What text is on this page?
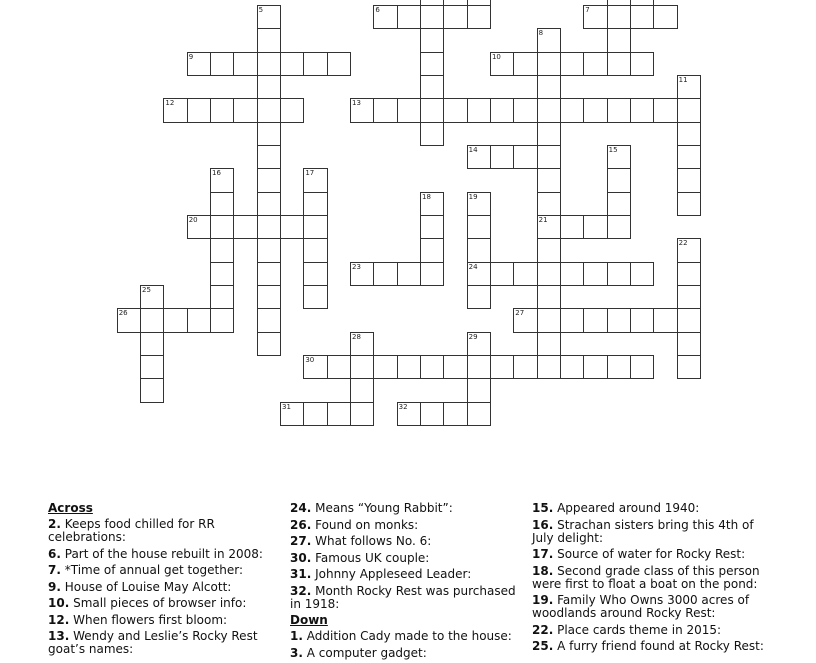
5	6	7
8
21
9	10
11
12	13
14	15
16	17
18	19
24
20
22
23
25
26	27
28	29
30
31	32
Across
2. Keeps food chilled for RR celebrations:
6. Part of the house rebuilt in 2008:
7. *Time of annual get together:
9. House of Louise May Alcott:
10. Small pieces of browser info:
12. When flowers first bloom:
13. Wendy and Leslie’s Rocky Rest goat’s names:
24. Means “Young Rabbit”:
26. Found on monks:
27. What follows No. 6:
30. Famous UK couple:
31. Johnny Appleseed Leader:
32. Month Rocky Rest was purchased in 1918:
Down
1. Addition Cady made to the house:
3. A computer gadget:
15. Appeared around 1940:
16. Strachan sisters bring this 4th of July delight:
17. Source of water for Rocky Rest:
18. Second grade class of this person were first to float a boat on the pond:
19. Family Who Owns 3000 acres of woodlands around Rocky Rest:
22. Place cards theme in 2015:
25. A furry friend found at Rocky Rest:
